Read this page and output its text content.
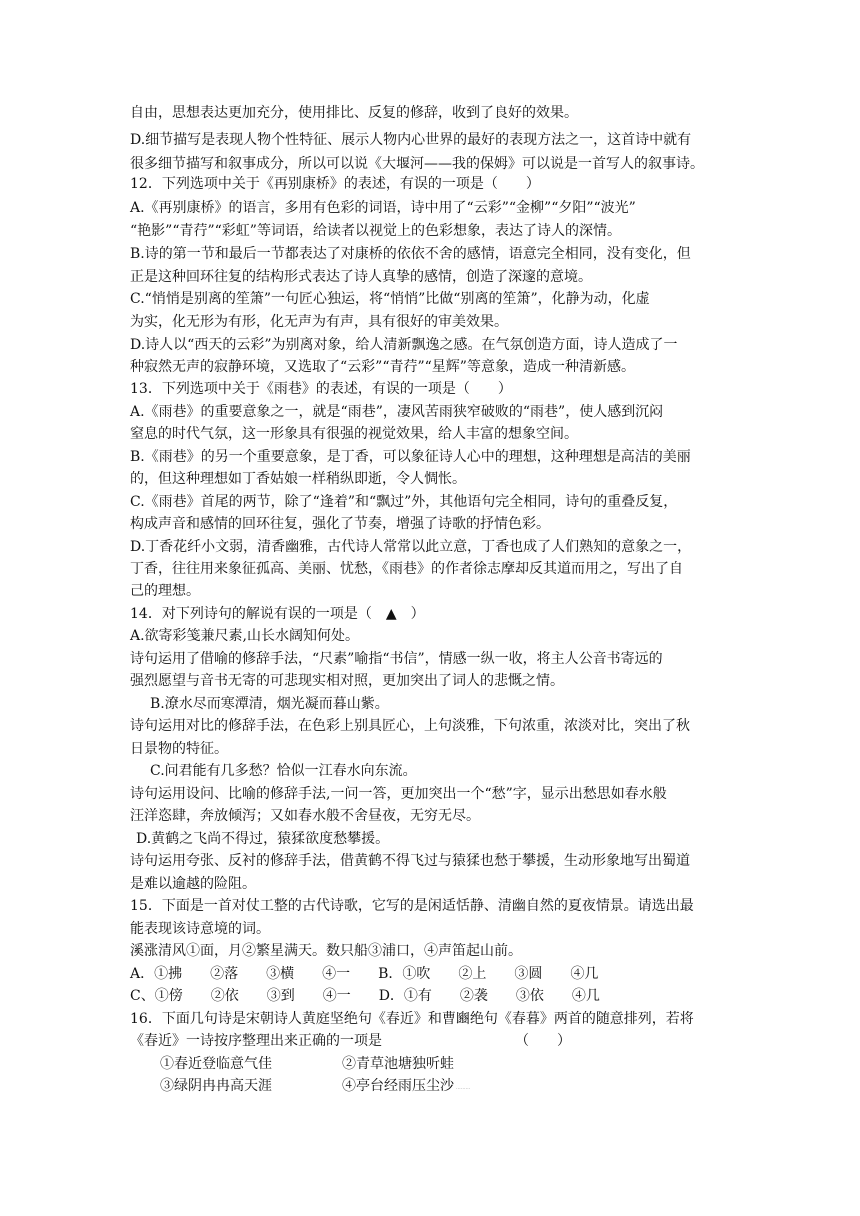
自由，思想表达更加充分，使用排比、反复的修辞，收到了良好的效果。
D.细节描写是表现人物个性特征、展示人物内心世界的最好的表现方法之一，这首诗中就有
很多细节描写和叙事成分，所以可以说《大堰河——我的保姆》可以说是一首写人的叙事诗。
12．下列选项中关于《再别康桥》的表述，有误的一项是（　　）
A.《再别康桥》的语言，多用有色彩的词语，诗中用了“云彩”“金柳”“夕阳”“波光”
“艳影”“青荇”“彩虹”等词语，给读者以视觉上的色彩想象，表达了诗人的深情。
B.诗的第一节和最后一节都表达了对康桥的依依不舍的感情，语意完全相同，没有变化，但
正是这种回环往复的结构形式表达了诗人真挚的感情，创造了深邃的意境。
C.“悄悄是别离的笙箫”一句匠心独运，将“悄悄”比做“别离的笙箫”，化静为动，化虚
为实，化无形为有形，化无声为有声，具有很好的审美效果。
D.诗人以“西天的云彩”为别离对象，给人清新飘逸之感。在气氛创造方面，诗人造成了一
种寂然无声的寂静环境，又选取了“云彩”“青荇”“星辉”等意象，造成一种清新感。
13．下列选项中关于《雨巷》的表述，有误的一项是（　　）
A.《雨巷》的重要意象之一，就是“雨巷”，凄风苦雨狭窄破败的“雨巷”，使人感到沉闷
窒息的时代气氛，这一形象具有很强的视觉效果，给人丰富的想象空间。
B.《雨巷》的另一个重要意象，是丁香，可以象征诗人心中的理想，这种理想是高洁的美丽
的，但这种理想如丁香姑娘一样稍纵即逝，令人惆怅。
C.《雨巷》首尾的两节，除了“逢着”和“飘过”外，其他语句完全相同，诗句的重叠反复，
构成声音和感情的回环往复，强化了节奏，增强了诗歌的抒情色彩。
D.丁香花纤小文弱，清香幽雅，古代诗人常常以此立意，丁香也成了人们熟知的意象之一，
丁香，往往用来象征孤高、美丽、忧愁，《雨巷》的作者徐志摩却反其道而用之，写出了自
己的理想。
14．对下列诗句的解说有误的一项是（　▲　）
A.欲寄彩笺兼尺素,山长水阔知何处。
诗句运用了借喻的修辞手法，“尺素”喻指“书信”，情感一纵一收，将主人公音书寄远的
强烈愿望与音书无寄的可悲现实相对照，更加突出了词人的悲慨之情。
B.潦水尽而寒潭清，烟光凝而暮山紫。
诗句运用对比的修辞手法，在色彩上别具匠心，上句淡雅，下句浓重，浓淡对比，突出了秋
日景物的特征。
C.问君能有几多愁？恰似一江春水向东流。
诗句运用设问、比喻的修辞手法,一问一答，更加突出一个“愁”字，显示出愁思如春水般
汪洋恣肆，奔放倾泻；又如春水般不舍昼夜，无穷无尽。
D.黄鹤之飞尚不得过，猿猱欲度愁攀援。
诗句运用夸张、反衬的修辞手法，借黄鹤不得飞过与猿猱也愁于攀援，生动形象地写出蜀道
是难以逾越的险阻。
15．下面是一首对仗工整的古代诗歌，它写的是闲适恬静、清幽自然的夏夜情景。请选出最
能表现该诗意境的词。
溪涨清风①面，月②繁星满天。数只船③浦口，④声笛起山前。
A．①拂　　②落　　③横　　④一　　B．①吹　　②上　　③圆　　④几
C、①傍　　②依　　③到　　④一　　D．①有　　②袭　　③依　　④几
16．下面几句诗是宋朝诗人黄庭坚绝句《春近》和曹豳绝句《春暮》两首的随意排列，若将
《春近》一诗按序整理出来正确的一项是　　　　　　　　　　（　　）
①春近登临意气佳　　　　　②青草池塘独听蛙
③绿阴冉冉高天涯　　　　　④亭台经雨压尘沙 ·········
